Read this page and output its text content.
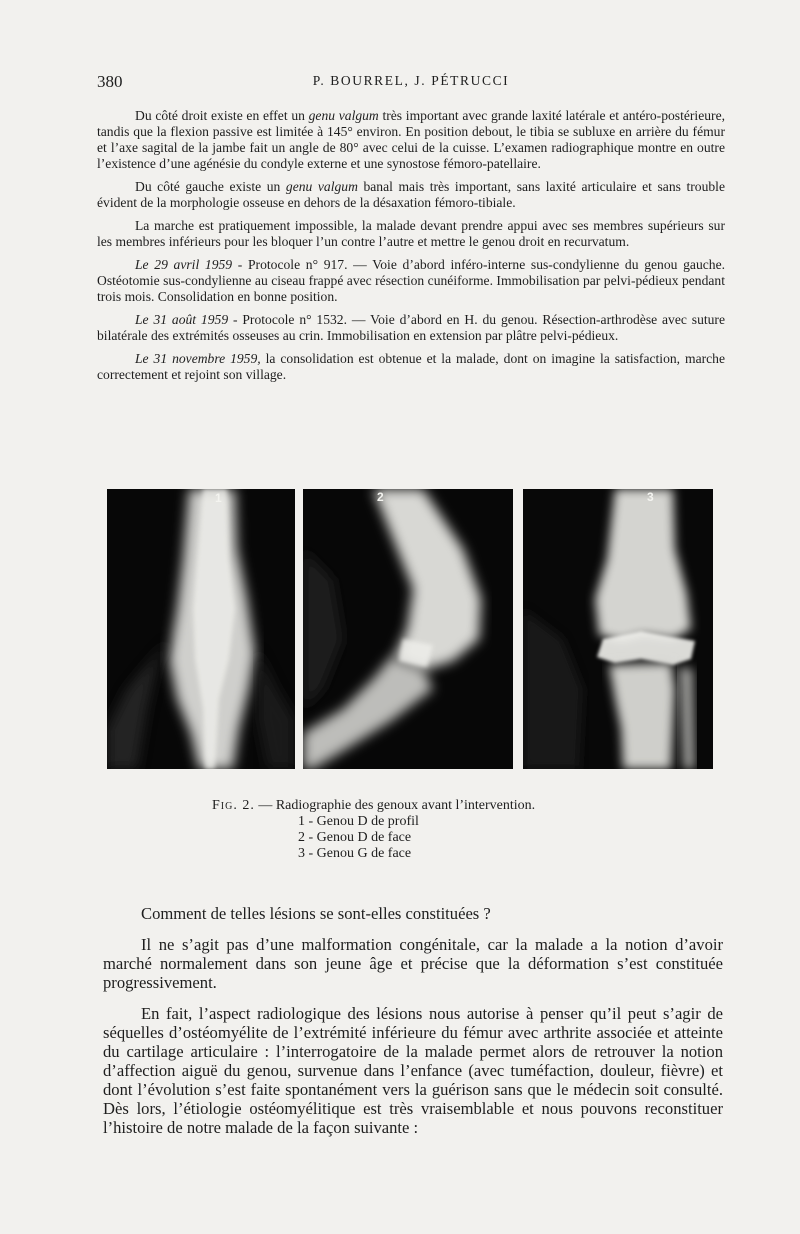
380	P. BOURREL, J. PÉTRUCCI

Du côté droit existe en effet un genu valgum très important avec grande laxité latérale et antéro-postérieure, tandis que la flexion passive est limitée à 145° environ. En position debout, le tibia se subluxe en arrière du fémur et l’axe sagital de la jambe fait un angle de 80° avec celui de la cuisse. L’examen radiographique montre en outre l’existence d’une agénésie du condyle externe et une synostose fémoro-patellaire.

Du côté gauche existe un genu valgum banal mais très important, sans laxité articulaire et sans trouble évident de la morphologie osseuse en dehors de la désaxation fémoro-tibiale.

La marche est pratiquement impossible, la malade devant prendre appui avec ses membres supérieurs sur les membres inférieurs pour les bloquer l’un contre l’autre et mettre le genou droit en recurvatum.

Le 29 avril 1959 - Protocole n° 917. — Voie d’abord inféro-interne sus-condylienne du genou gauche. Ostéotomie sus-condylienne au ciseau frappé avec résection cunéiforme. Immobilisation par pelvi-pédieux pendant trois mois. Consolidation en bonne position.

Le 31 août 1959 - Protocole n° 1532. — Voie d’abord en H. du genou. Résection-arthrodèse avec suture bilatérale des extrémités osseuses au crin. Immobilisation en extension par plâtre pelvi-pédieux.

Le 31 novembre 1959, la consolidation est obtenue et la malade, dont on imagine la satisfaction, marche correctement et rejoint son village.

1	2	3
Fig. 2. — Radiographie des genoux avant l’intervention.
1 - Genou D de profil
2 - Genou D de face
3 - Genou G de face

Comment de telles lésions se sont-elles constituées ?

Il ne s’agit pas d’une malformation congénitale, car la malade a la notion d’avoir marché normalement dans son jeune âge et précise que la déformation s’est constituée progressivement.

En fait, l’aspect radiologique des lésions nous autorise à penser qu’il peut s’agir de séquelles d’ostéomyélite de l’extrémité inférieure du fémur avec arthrite associée et atteinte du cartilage articulaire : l’interrogatoire de la malade permet alors de retrouver la notion d’affection aiguë du genou, survenue dans l’enfance (avec tuméfaction, douleur, fièvre) et dont l’évolution s’est faite spontanément vers la guérison sans que le médecin soit consulté. Dès lors, l’étiologie ostéomyélitique est très vraisemblable et nous pouvons reconstituer l’histoire de notre malade de la façon suivante :
